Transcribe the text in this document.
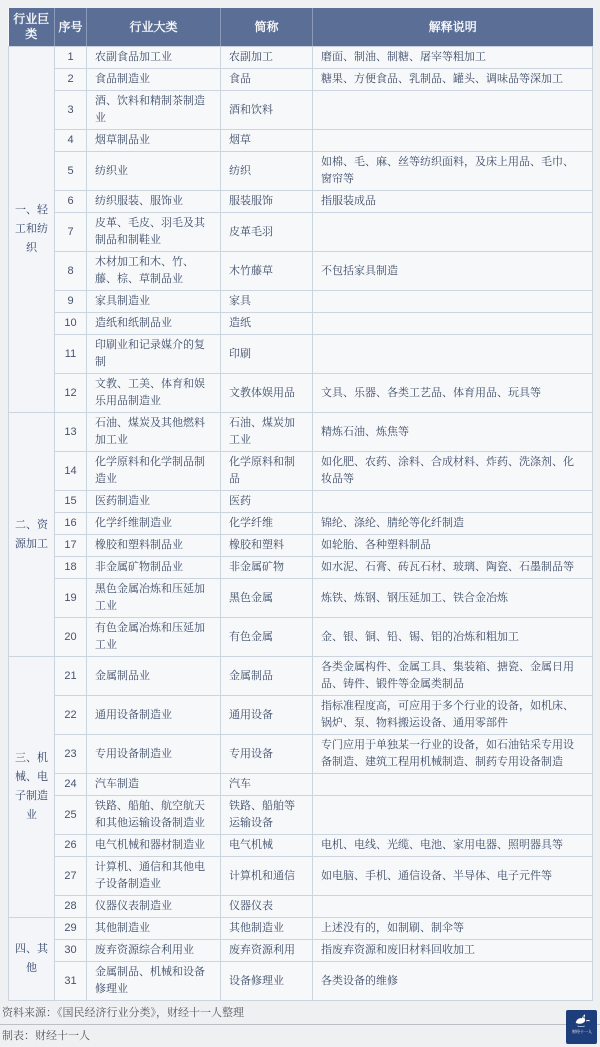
行业巨类	序号	行业大类	简称	解释说明
一、轻工和纺织	1	农副食品加工业	农副加工	磨面、制油、制糖、屠宰等粗加工
	2	食品制造业	食品	糖果、方便食品、乳制品、罐头、调味品等深加工
	3	酒、饮料和精制茶制造业	酒和饮料	
	4	烟草制品业	烟草	
	5	纺织业	纺织	如棉、毛、麻、丝等纺织面料，及床上用品、毛巾、窗帘等
	6	纺织服装、服饰业	服装服饰	指服装成品
	7	皮革、毛皮、羽毛及其制品和制鞋业	皮革毛羽	
	8	木材加工和木、竹、藤、棕、草制品业	木竹藤草	不包括家具制造
	9	家具制造业	家具	
	10	造纸和纸制品业	造纸	
	11	印刷业和记录媒介的复制	印刷	
	12	文教、工美、体育和娱乐用品制造业	文教体娱用品	文具、乐器、各类工艺品、体育用品、玩具等
二、资源加工	13	石油、煤炭及其他燃料加工业	石油、煤炭加工业	精炼石油、炼焦等
	14	化学原料和化学制品制造业	化学原料和制品	如化肥、农药、涂料、合成材料、炸药、洗涤剂、化妆品等
	15	医药制造业	医药	
	16	化学纤维制造业	化学纤维	锦纶、涤纶、腈纶等化纤制造
	17	橡胶和塑料制品业	橡胶和塑料	如轮胎、各种塑料制品
	18	非金属矿物制品业	非金属矿物	如水泥、石膏、砖瓦石材、玻璃、陶瓷、石墨制品等
	19	黑色金属冶炼和压延加工业	黑色金属	炼铁、炼钢、钢压延加工、铁合金冶炼
	20	有色金属冶炼和压延加工业	有色金属	金、银、铜、铅、锡、铝的冶炼和粗加工
三、机械、电子制造业	21	金属制品业	金属制品	各类金属构件、金属工具、集装箱、搪瓷、金属日用品、铸件、锻件等金属类制品
	22	通用设备制造业	通用设备	指标准程度高，可应用于多个行业的设备，如机床、锅炉、泵、物料搬运设备、通用零部件
	23	专用设备制造业	专用设备	专门应用于单独某一行业的设备，如石油钻采专用设备制造、建筑工程用机械制造、制药专用设备制造
	24	汽车制造	汽车	
	25	铁路、船舶、航空航天和其他运输设备制造业	铁路、船舶等运输设备	
	26	电气机械和器材制造业	电气机械	电机、电线、光缆、电池、家用电器、照明器具等
	27	计算机、通信和其他电子设备制造业	计算机和通信	如电脑、手机、通信设备、半导体、电子元件等
	28	仪器仪表制造业	仪器仪表	
四、其他	29	其他制造业	其他制造业	上述没有的，如制刷、制伞等
	30	废弃资源综合利用业	废弃资源利用	指废弃资源和废旧材料回收加工
	31	金属制品、机械和设备修理业	设备修理业	各类设备的维修
资料来源：《国民经济行业分类》，财经十一人整理
制表：财经十一人	财经十一人
